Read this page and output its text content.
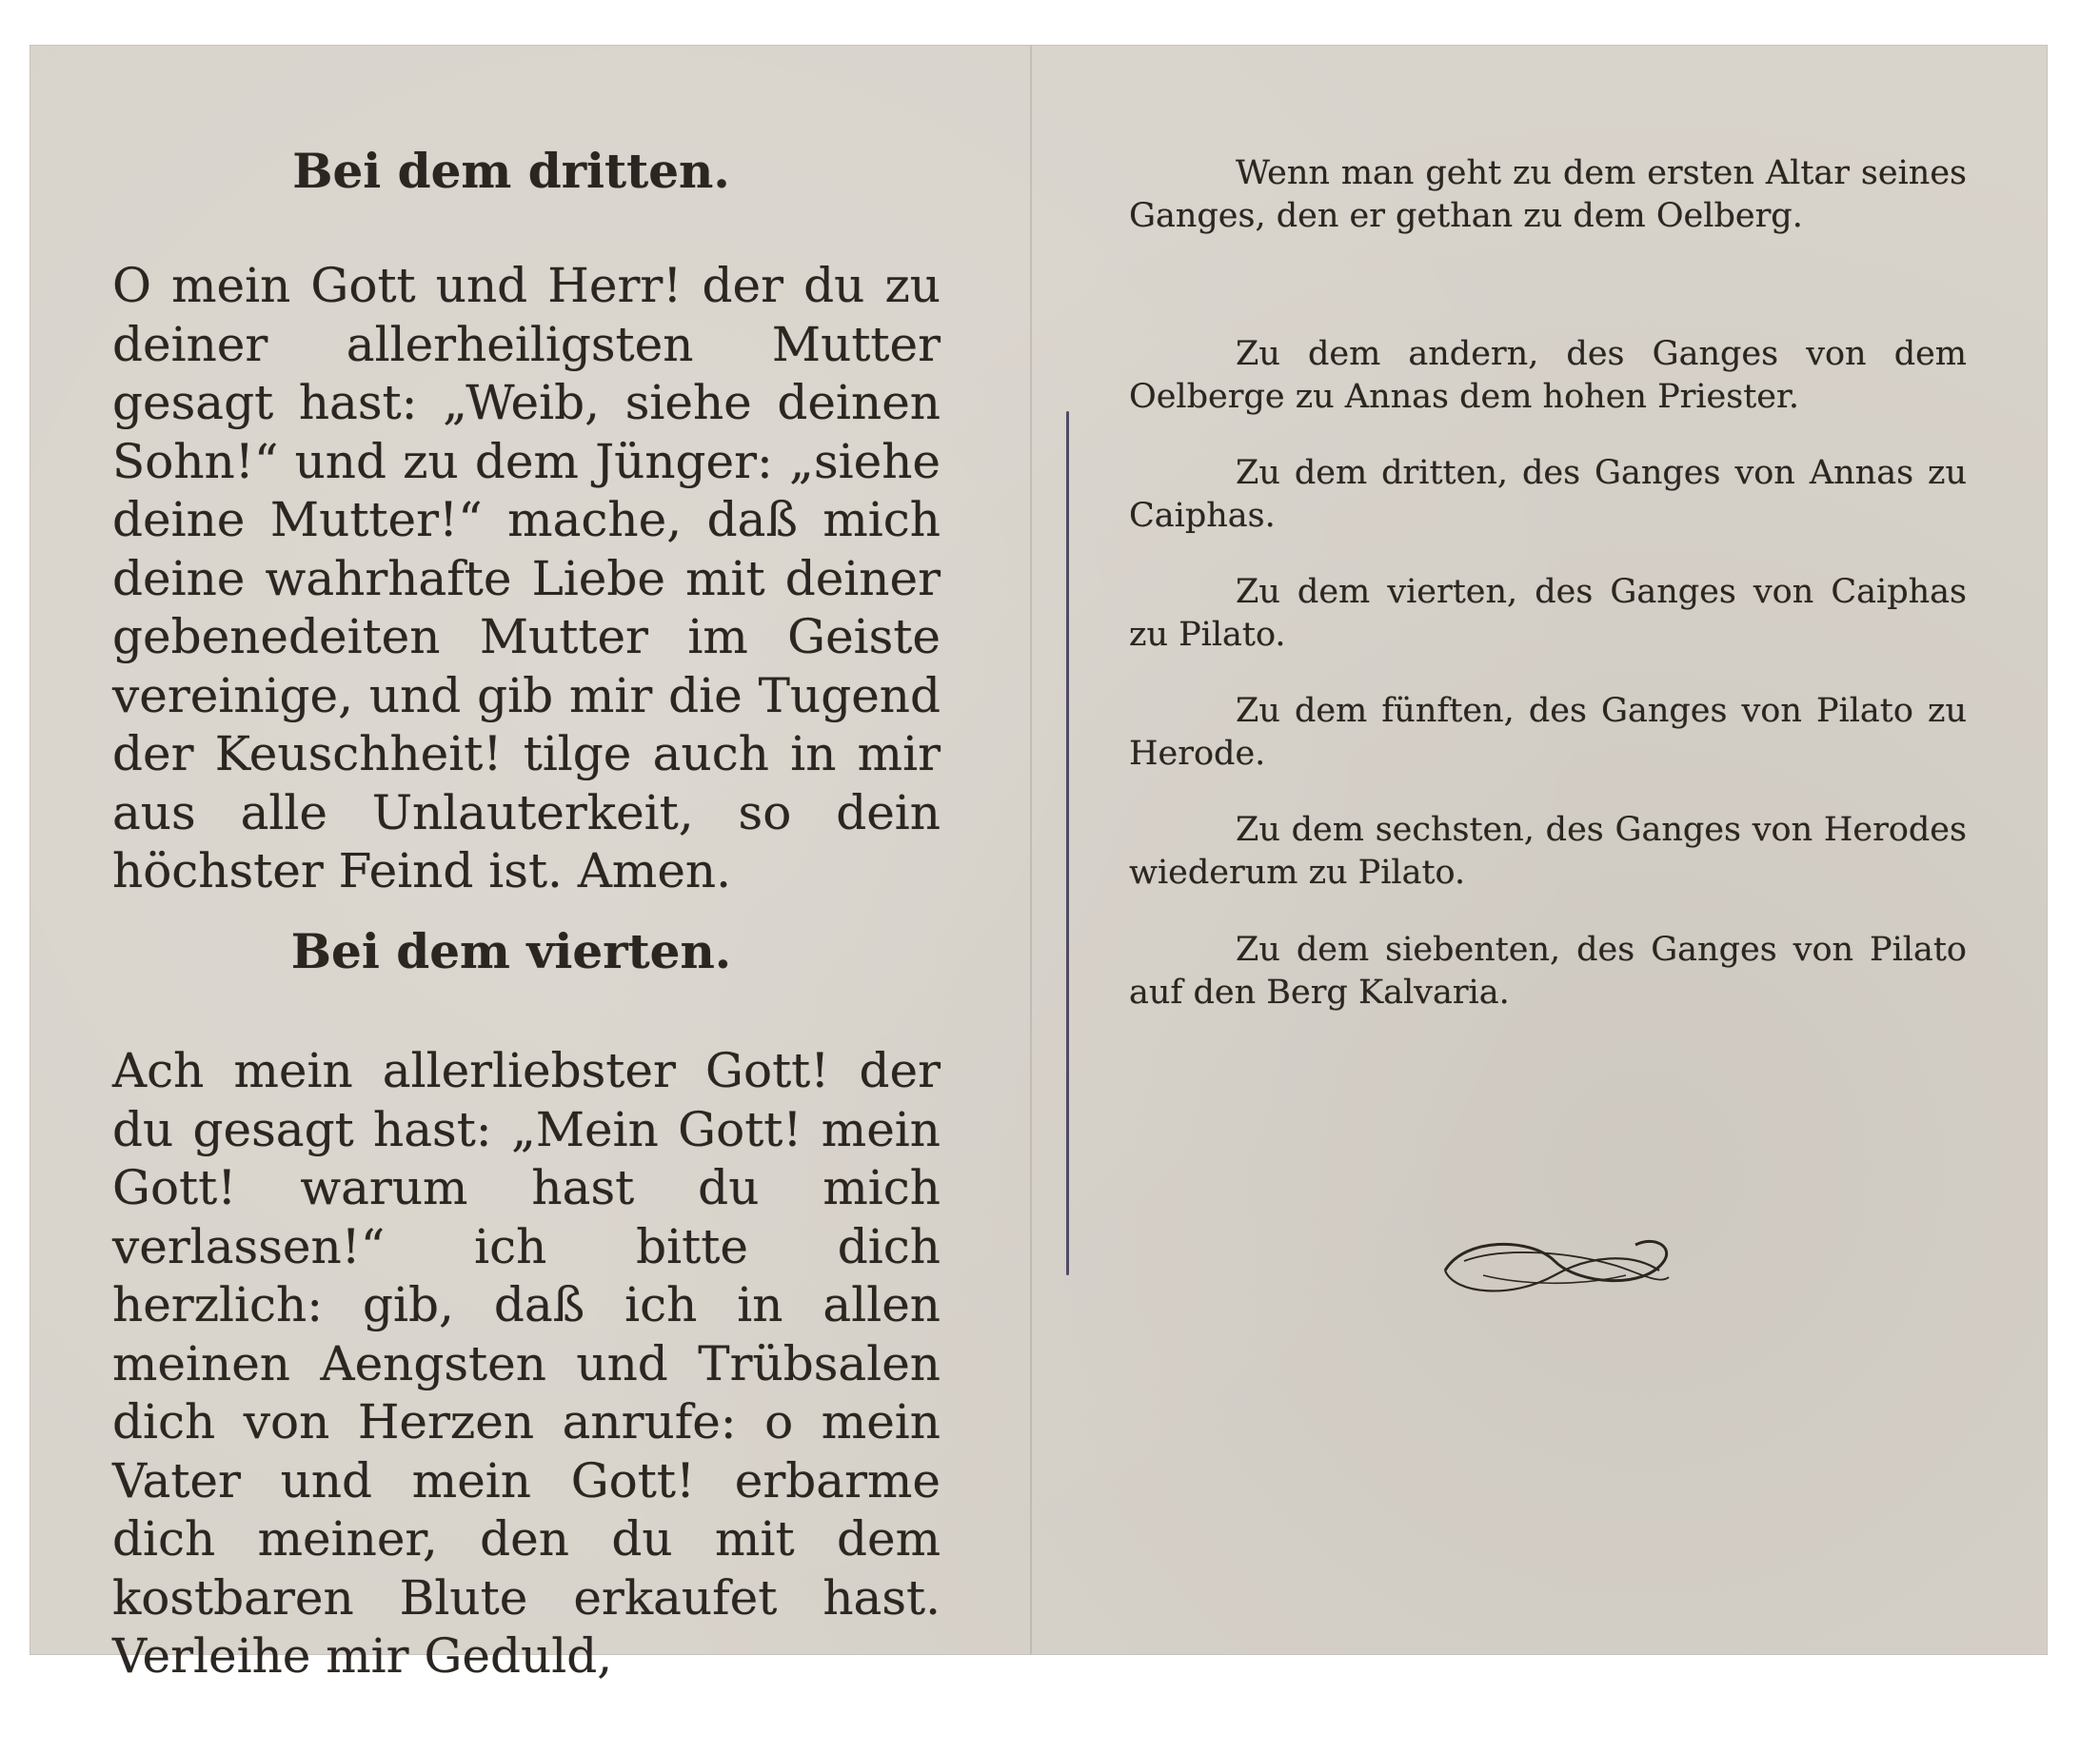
Bei dem dritten.

O mein Gott und Herr! der du zu deiner allerheiligsten Mutter gesagt hast: „Weib, siehe deinen Sohn!“ und zu dem Jünger: „siehe deine Mutter!“ mache, daß mich deine wahrhafte Liebe mit deiner gebenedeiten Mutter im Geiste vereinige, und gib mir die Tugend der Keuschheit! tilge auch in mir aus alle Unlauterkeit, so dein höchster Feind ist. Amen.

Bei dem vierten.

Ach mein allerliebster Gott! der du gesagt hast: „Mein Gott! mein Gott! warum hast du mich verlassen!“ ich bitte dich herzlich: gib, daß ich in allen meinen Aengsten und Trübsalen dich von Herzen anrufe: o mein Vater und mein Gott! erbarme dich meiner, den du mit dem kostbaren Blute erkaufet hast. Verleihe mir Geduld,

Wenn man geht zu dem ersten Altar seines Ganges, den er gethan zu dem Oelberg.

Zu dem andern, des Ganges von dem Oelberge zu Annas dem hohen Priester.

Zu dem dritten, des Ganges von Annas zu Caiphas.

Zu dem vierten, des Ganges von Caiphas zu Pilato.

Zu dem fünften, des Ganges von Pilato zu Herode.

Zu dem sechsten, des Ganges von Herodes wiederum zu Pilato.

Zu dem siebenten, des Ganges von Pilato auf den Berg Kalvaria.
